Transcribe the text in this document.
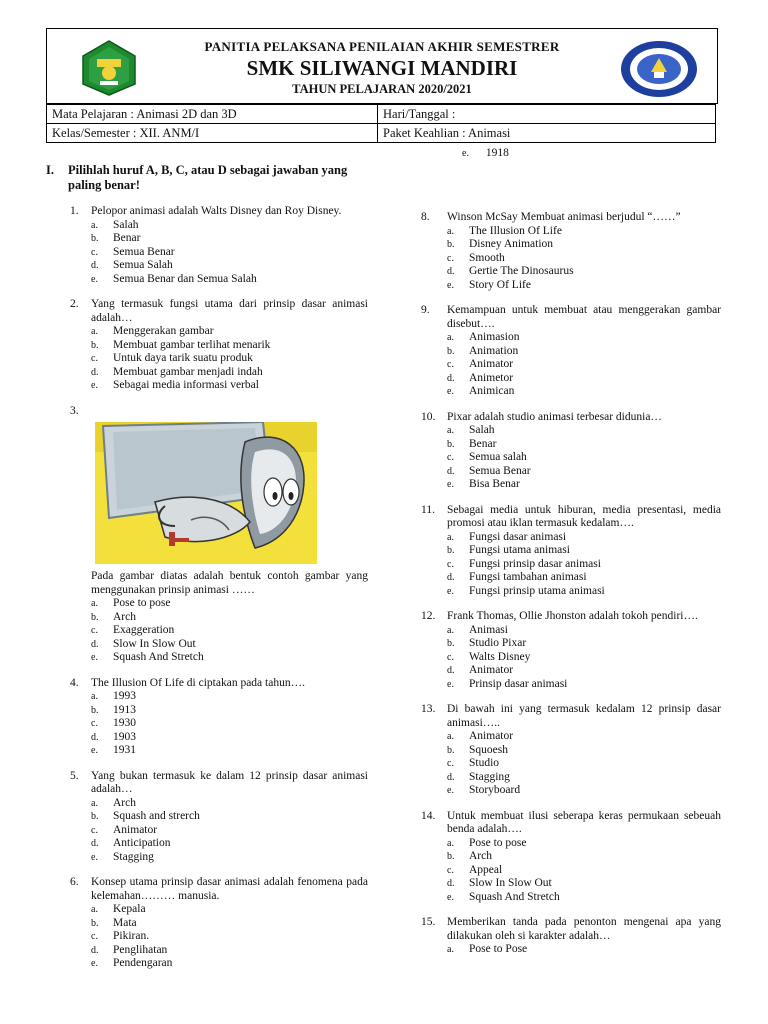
PANITIA PELAKSANA PENILAIAN AKHIR SEMESTRER
SMK SILIWANGI MANDIRI
TAHUN PELAJARAN 2020/2021
Mata Pelajaran : Animasi 2D dan 3D	Hari/Tanggal :
Kelas/Semester : XII. ANM/I	Paket Keahlian : Animasi
e. 1918
I. Pilihlah huruf A, B, C, atau D sebagai jawaban yang paling benar!
1. Pelopor animasi adalah Walts Disney dan Roy Disney.
a. Salah
b. Benar
c. Semua Benar
d. Semua Salah
e. Semua Benar dan Semua Salah
2. Yang termasuk fungsi utama dari prinsip dasar animasi adalah…
a. Menggerakan gambar
b. Membuat gambar terlihat menarik
c. Untuk daya tarik suatu produk
d. Membuat gambar menjadi indah
e. Sebagai media informasi verbal
3.

Pada gambar diatas adalah bentuk contoh gambar yang menggunakan prinsip animasi ……
a. Pose to pose
b. Arch
c. Exaggeration
d. Slow In Slow Out
e. Squash And Stretch
4. The Illusion Of Life di ciptakan pada tahun….
a. 1993
b. 1913
c. 1930
d. 1903
e. 1931
5. Yang bukan termasuk ke dalam 12 prinsip dasar animasi adalah…
a. Arch
b. Squash and strerch
c. Animator
d. Anticipation
e. Stagging
6. Konsep utama prinsip dasar animasi adalah fenomena pada kelemahan……… manusia.
a. Kepala
b. Mata
c. Pikiran.
d. Penglihatan
e. Pendengaran
8. Winson McSay Membuat animasi berjudul “……”
a. The Illusion Of Life
b. Disney Animation
c. Smooth
d. Gertie The Dinosaurus
e. Story Of Life
9. Kemampuan untuk membuat atau menggerakan gambar disebut….
a. Animasion
b. Animation
c. Animator
d. Animetor
e. Animican
10. Pixar adalah studio animasi terbesar didunia…
a. Salah
b. Benar
c. Semua salah
d. Semua Benar
e. Bisa Benar
11. Sebagai media untuk hiburan, media presentasi, media promosi atau iklan termasuk kedalam….
a. Fungsi dasar animasi
b. Fungsi utama animasi
c. Fungsi prinsip dasar animasi
d. Fungsi tambahan animasi
e. Fungsi prinsip utama animasi
12. Frank Thomas, Ollie Jhonston adalah tokoh pendiri….
a. Animasi
b. Studio Pixar
c. Walts Disney
d. Animator
e. Prinsip dasar animasi
13. Di bawah ini yang termasuk kedalam 12 prinsip dasar animasi…..
a. Animator
b. Squoesh
c. Studio
d. Stagging
e. Storyboard
14. Untuk membuat ilusi seberapa keras permukaan sebeuah benda adalah….
a. Pose to pose
b. Arch
c. Appeal
d. Slow In Slow Out
e. Squash And Stretch
15. Memberikan tanda pada penonton mengenai apa yang dilakukan oleh si karakter adalah…
a. Pose to Pose
